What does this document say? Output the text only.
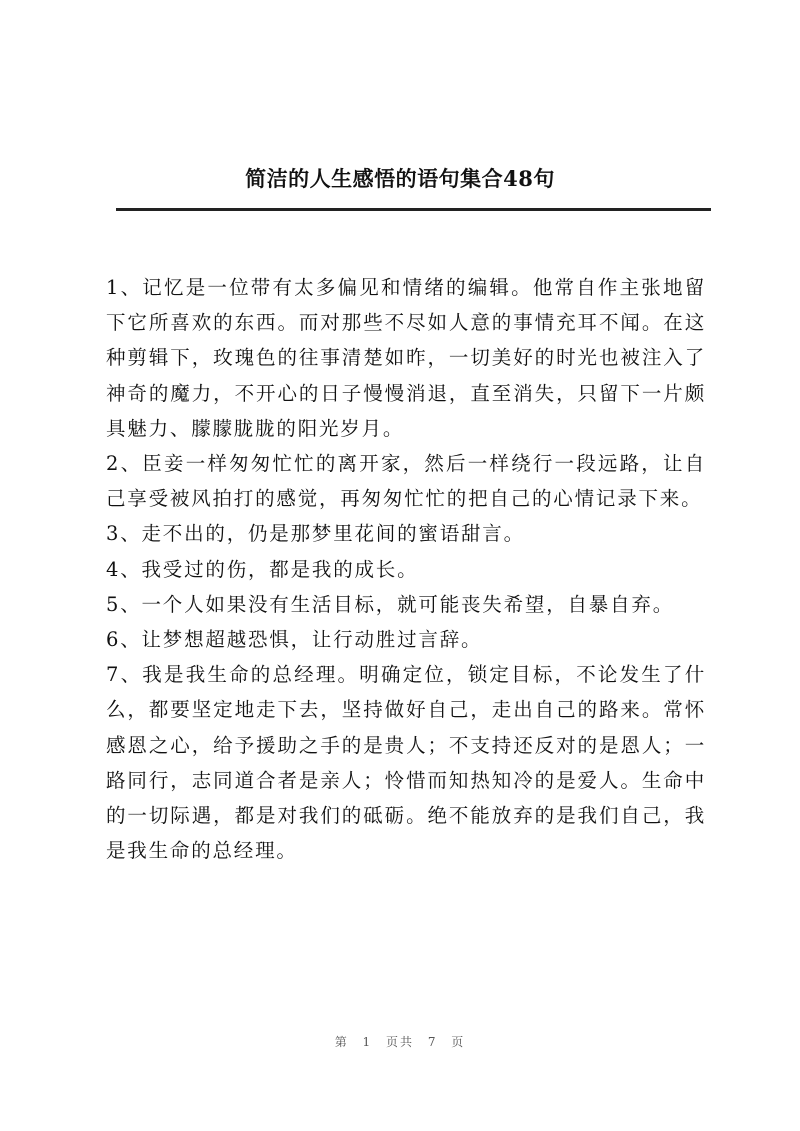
简洁的人生感悟的语句集合48句

1、记忆是一位带有太多偏见和情绪的编辑。他常自作主张地留下它所喜欢的东西。而对那些不尽如人意的事情充耳不闻。在这种剪辑下，玫瑰色的往事清楚如昨，一切美好的时光也被注入了神奇的魔力，不开心的日子慢慢消退，直至消失，只留下一片颇具魅力、朦朦胧胧的阳光岁月。

2、臣妾一样匆匆忙忙的离开家，然后一样绕行一段远路，让自己享受被风拍打的感觉，再匆匆忙忙的把自己的心情记录下来。

3、走不出的，仍是那梦里花间的蜜语甜言。

4、我受过的伤，都是我的成长。

5、一个人如果没有生活目标，就可能丧失希望，自暴自弃。

6、让梦想超越恐惧，让行动胜过言辞。

7、我是我生命的总经理。明确定位，锁定目标，不论发生了什么，都要坚定地走下去，坚持做好自己，走出自己的路来。常怀感恩之心，给予援助之手的是贵人；不支持还反对的是恩人；一路同行，志同道合者是亲人；怜惜而知热知冷的是爱人。生命中的一切际遇，都是对我们的砥砺。绝不能放弃的是我们自己，我是我生命的总经理。

第 1 页共 7 页
